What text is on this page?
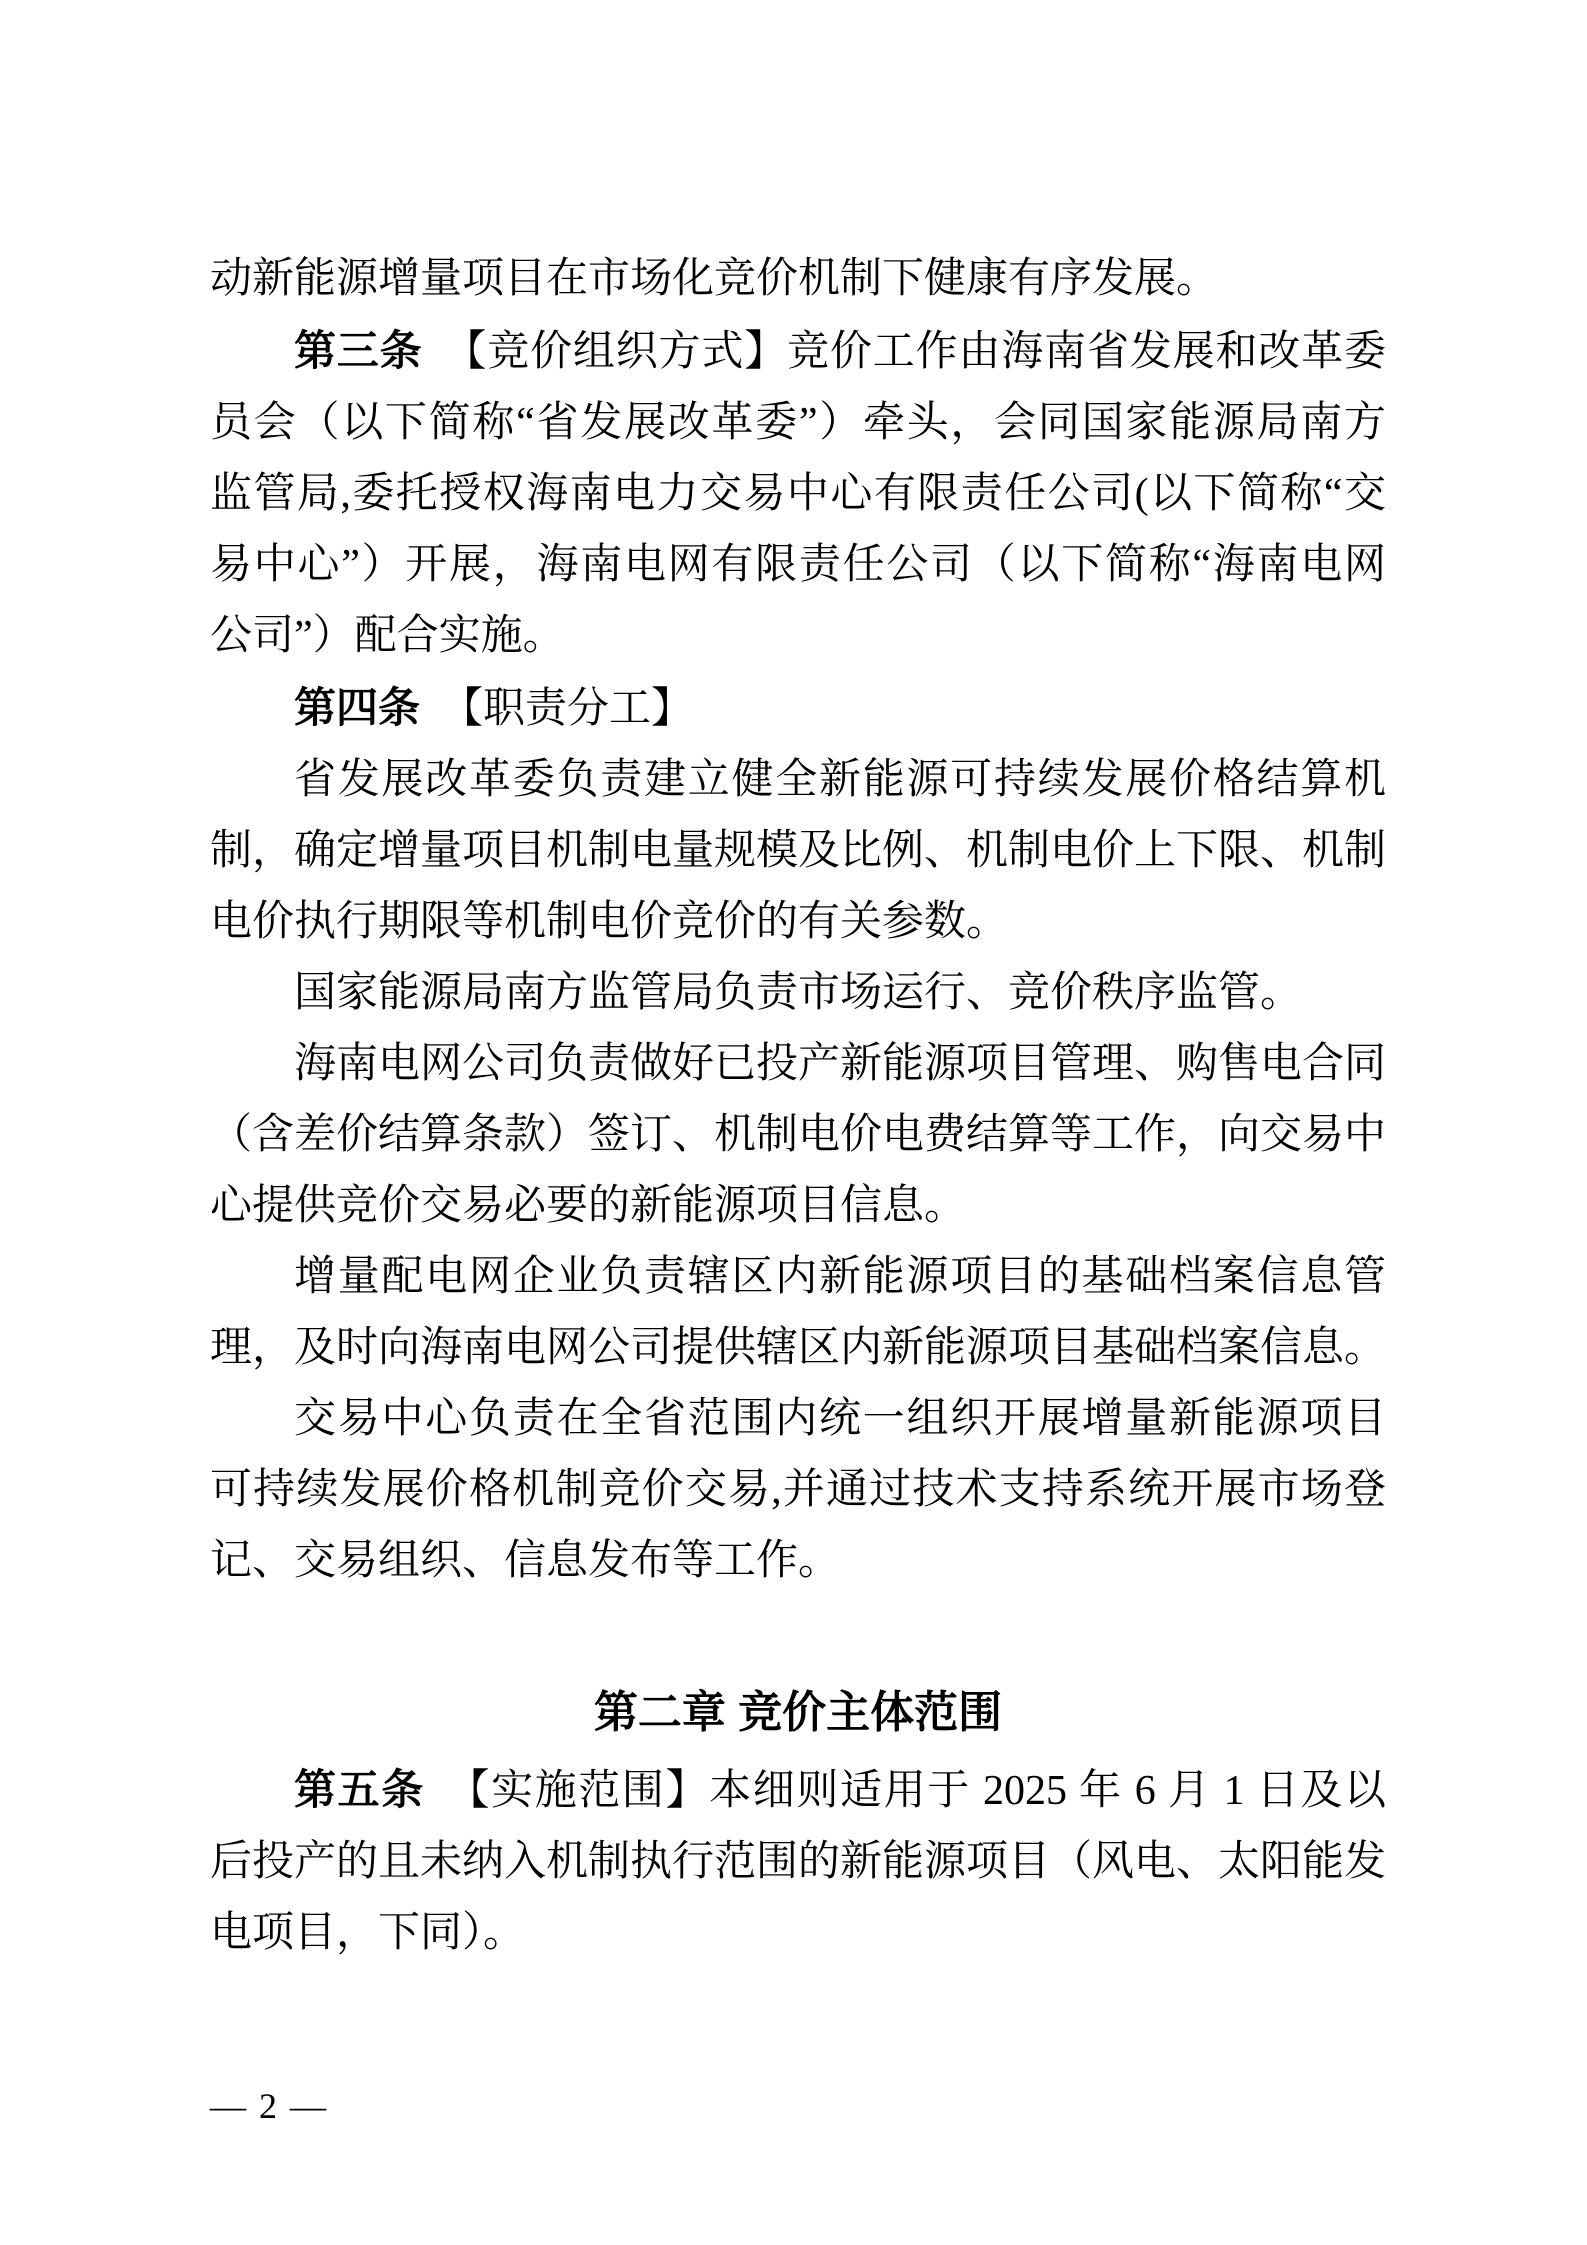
动新能源增量项目在市场化竞价机制下健康有序发展。
第三条　【竞价组织方式】竞价工作由海南省发展和改革委
员会（以下简称“省发展改革委”）牵头，会同国家能源局南方
监管局,委托授权海南电力交易中心有限责任公司(以下简称“交
易中心”）开展，海南电网有限责任公司（以下简称“海南电网
公司”）配合实施。
第四条　【职责分工】
省发展改革委负责建立健全新能源可持续发展价格结算机
制，确定增量项目机制电量规模及比例、机制电价上下限、机制
电价执行期限等机制电价竞价的有关参数。
国家能源局南方监管局负责市场运行、竞价秩序监管。
海南电网公司负责做好已投产新能源项目管理、购售电合同
（含差价结算条款）签订、机制电价电费结算等工作，向交易中
心提供竞价交易必要的新能源项目信息。
增量配电网企业负责辖区内新能源项目的基础档案信息管
理，及时向海南电网公司提供辖区内新能源项目基础档案信息。
交易中心负责在全省范围内统一组织开展增量新能源项目
可持续发展价格机制竞价交易,并通过技术支持系统开展市场登
记、交易组织、信息发布等工作。
第二章 竞价主体范围
第五条　【实施范围】本细则适用于 2025 年 6 月 1 日及以
后投产的且未纳入机制执行范围的新能源项目（风电、太阳能发
电项目，下同）。
— 2 —
